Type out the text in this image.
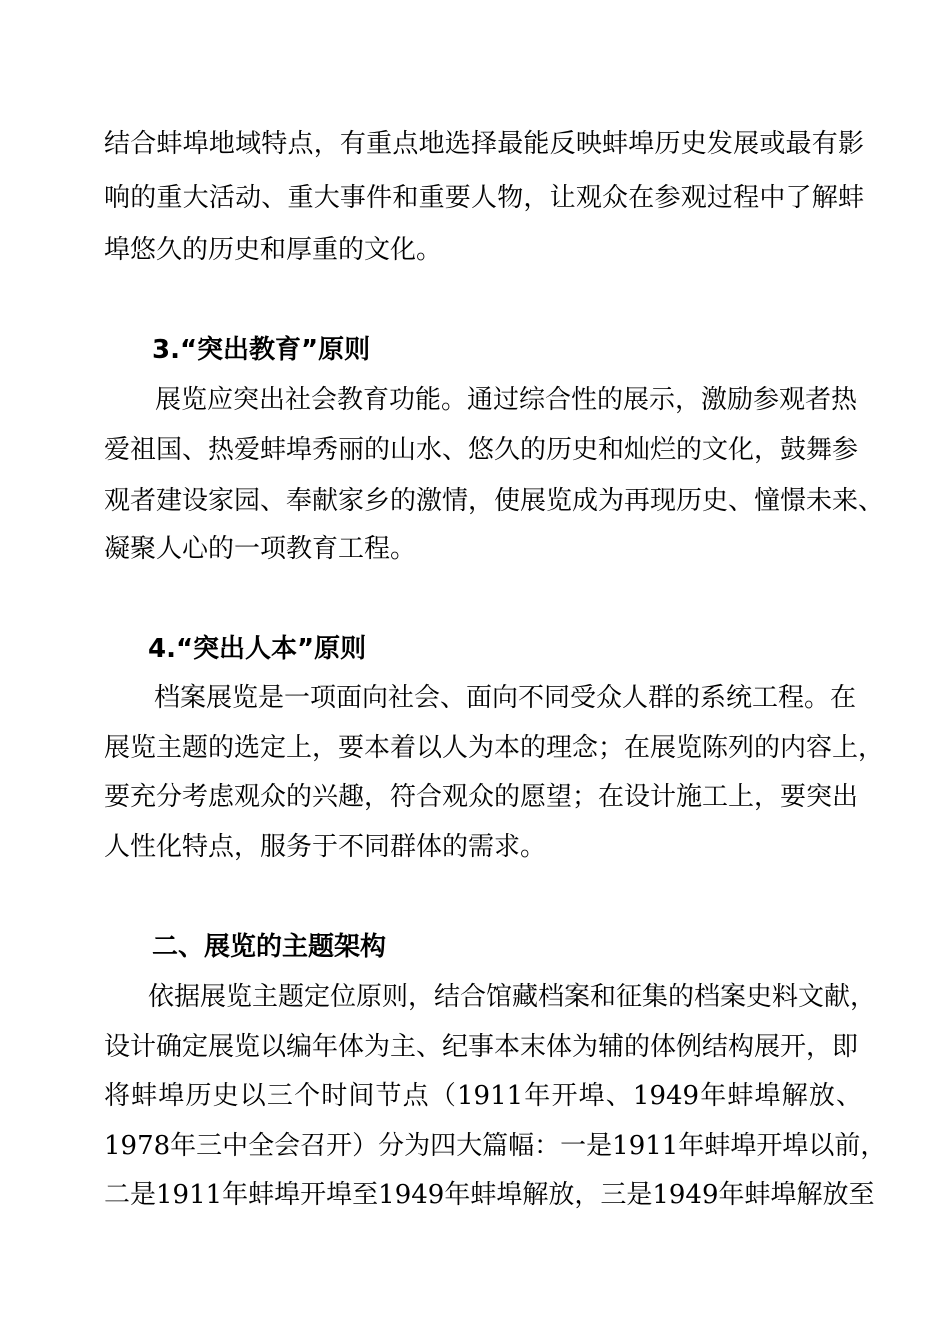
结合蚌埠地域特点，有重点地选择最能反映蚌埠历史发展或最有影
响的重大活动、重大事件和重要人物，让观众在参观过程中了解蚌
埠悠久的历史和厚重的文化。
3.“突出教育”原则
展览应突出社会教育功能。通过综合性的展示，激励参观者热
爱祖国、热爱蚌埠秀丽的山水、悠久的历史和灿烂的文化，鼓舞参
观者建设家园、奉献家乡的激情，使展览成为再现历史、憧憬未来、
凝聚人心的一项教育工程。
4.“突出人本”原则
档案展览是一项面向社会、面向不同受众人群的系统工程。在
展览主题的选定上，要本着以人为本的理念；在展览陈列的内容上，
要充分考虑观众的兴趣，符合观众的愿望；在设计施工上，要突出
人性化特点，服务于不同群体的需求。
二、展览的主题架构
依据展览主题定位原则，结合馆藏档案和征集的档案史料文献，
设计确定展览以编年体为主、纪事本末体为辅的体例结构展开，即
将蚌埠历史以三个时间节点（1911年开埠、1949年蚌埠解放、
1978年三中全会召开）分为四大篇幅：一是1911年蚌埠开埠以前，
二是1911年蚌埠开埠至1949年蚌埠解放，三是1949年蚌埠解放至
